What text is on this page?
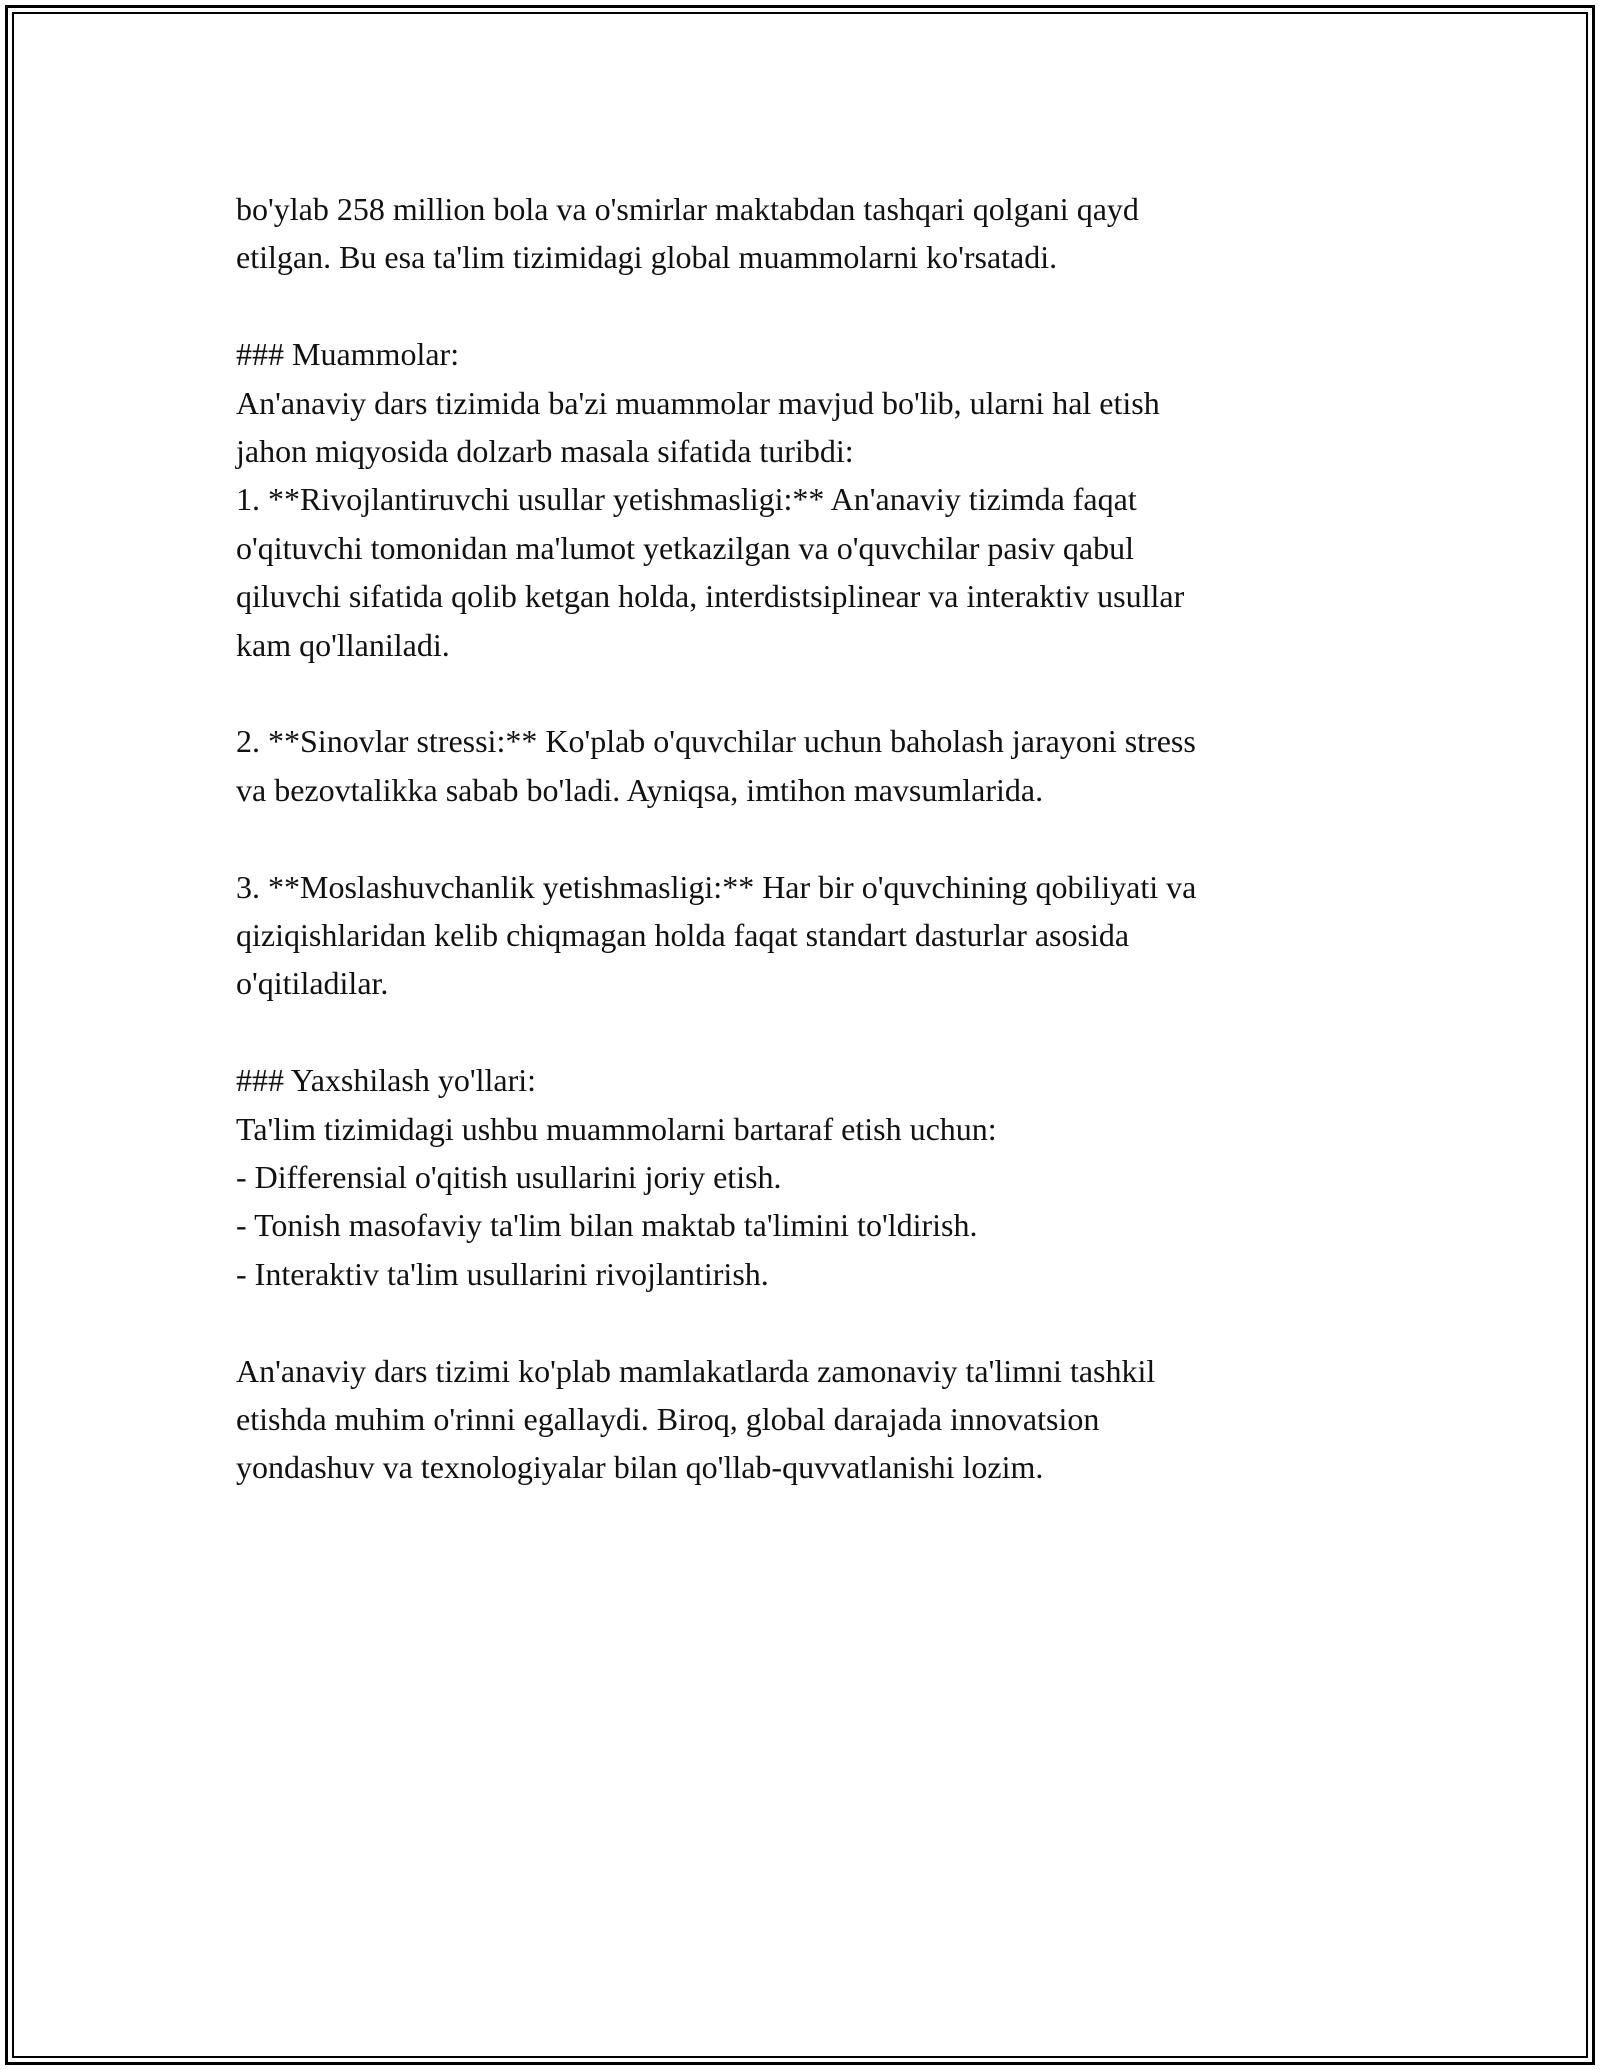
bo'ylab 258 million bola va o'smirlar maktabdan tashqari qolgani qayd
etilgan. Bu esa ta'lim tizimidagi global muammolarni ko'rsatadi.
### Muammolar:
An'anaviy dars tizimida ba'zi muammolar mavjud bo'lib, ularni hal etish
jahon miqyosida dolzarb masala sifatida turibdi:
1. **Rivojlantiruvchi usullar yetishmasligi:** An'anaviy tizimda faqat
o'qituvchi tomonidan ma'lumot yetkazilgan va o'quvchilar pasiv qabul
qiluvchi sifatida qolib ketgan holda, interdistsiplinear va interaktiv usullar
kam qo'llaniladi.
2. **Sinovlar stressi:** Ko'plab o'quvchilar uchun baholash jarayoni stress
va bezovtalikka sabab bo'ladi. Ayniqsa, imtihon mavsumlarida.
3. **Moslashuvchanlik yetishmasligi:** Har bir o'quvchining qobiliyati va
qiziqishlaridan kelib chiqmagan holda faqat standart dasturlar asosida
o'qitiladilar.
### Yaxshilash yo'llari:
Ta'lim tizimidagi ushbu muammolarni bartaraf etish uchun:
- Differensial o'qitish usullarini joriy etish.
- Tonish masofaviy ta'lim bilan maktab ta'limini to'ldirish.
- Interaktiv ta'lim usullarini rivojlantirish.
An'anaviy dars tizimi ko'plab mamlakatlarda zamonaviy ta'limni tashkil
etishda muhim o'rinni egallaydi. Biroq, global darajada innovatsion
yondashuv va texnologiyalar bilan qo'llab-quvvatlanishi lozim.
